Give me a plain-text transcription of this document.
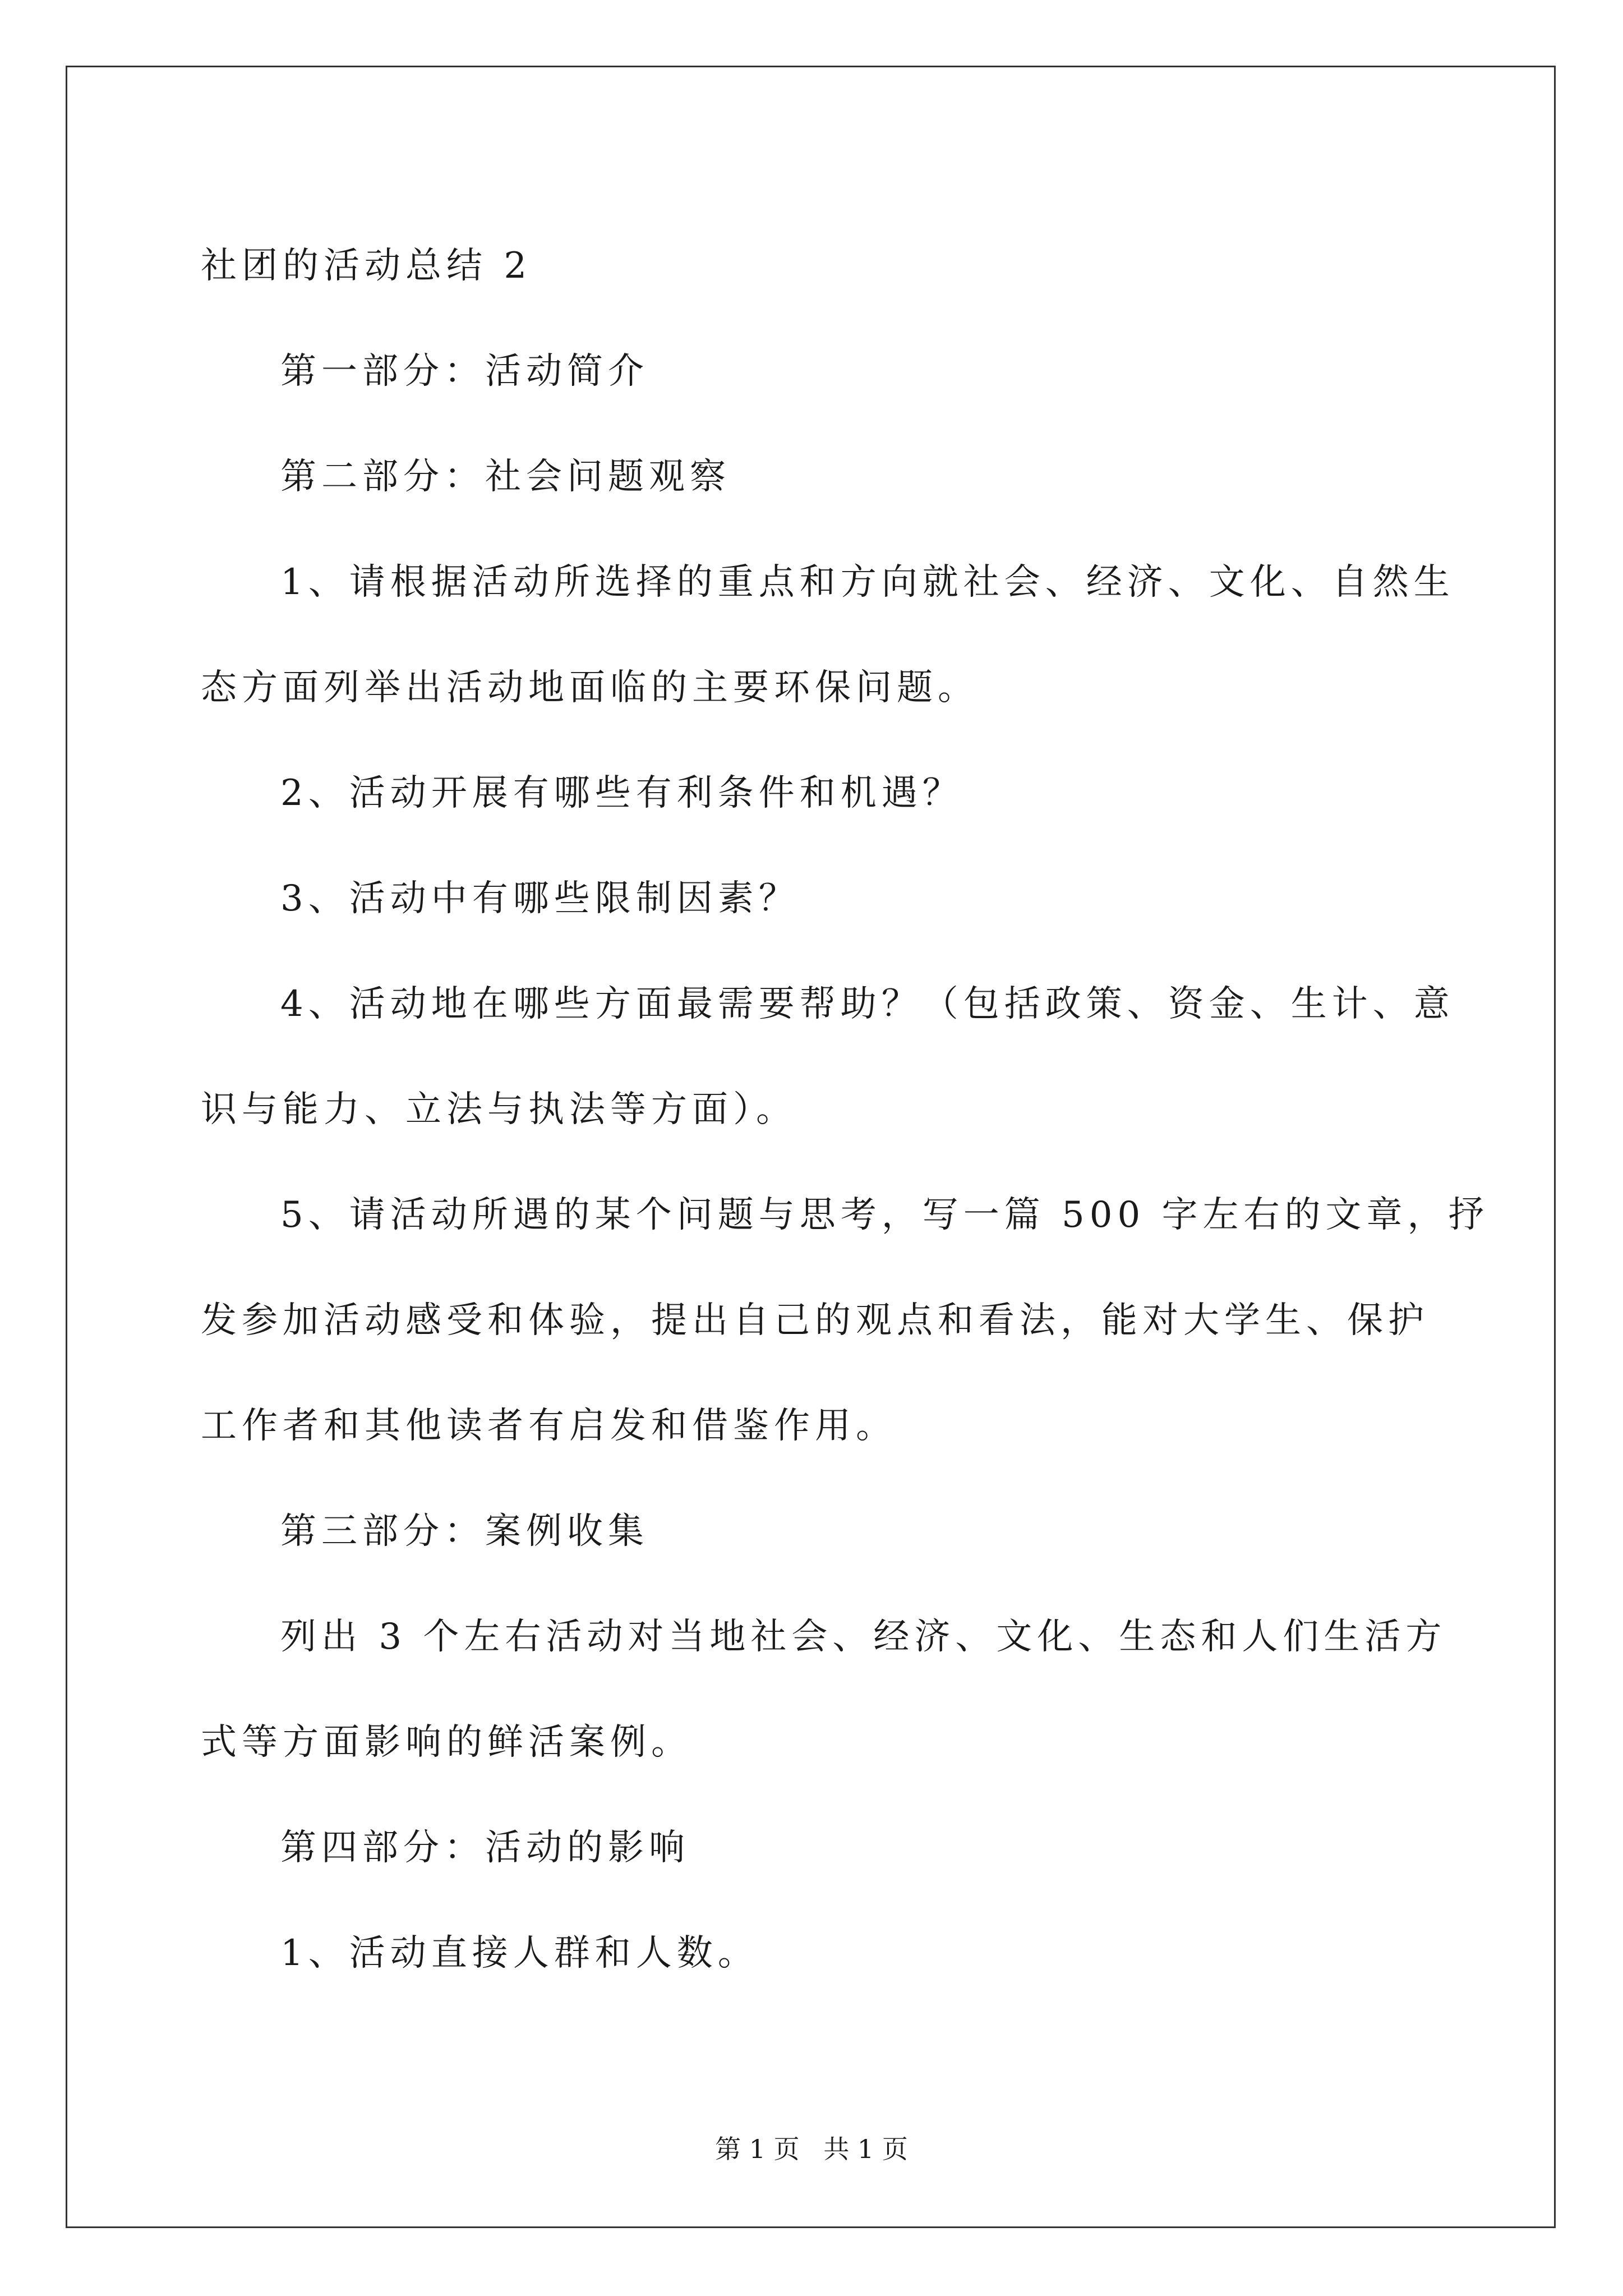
社团的活动总结 2

第一部分：活动简介

第二部分：社会问题观察

1、请根据活动所选择的重点和方向就社会、经济、文化、自然生

态方面列举出活动地面临的主要环保问题。

2、活动开展有哪些有利条件和机遇？

3、活动中有哪些限制因素？

4、活动地在哪些方面最需要帮助？（包括政策、资金、生计、意

识与能力、立法与执法等方面）。

5、请活动所遇的某个问题与思考，写一篇 500 字左右的文章，抒

发参加活动感受和体验，提出自己的观点和看法，能对大学生、保护

工作者和其他读者有启发和借鉴作用。

第三部分：案例收集

列出 3 个左右活动对当地社会、经济、文化、生态和人们生活方

式等方面影响的鲜活案例。

第四部分：活动的影响

1、活动直接人群和人数。

第 1 页 共 1 页
